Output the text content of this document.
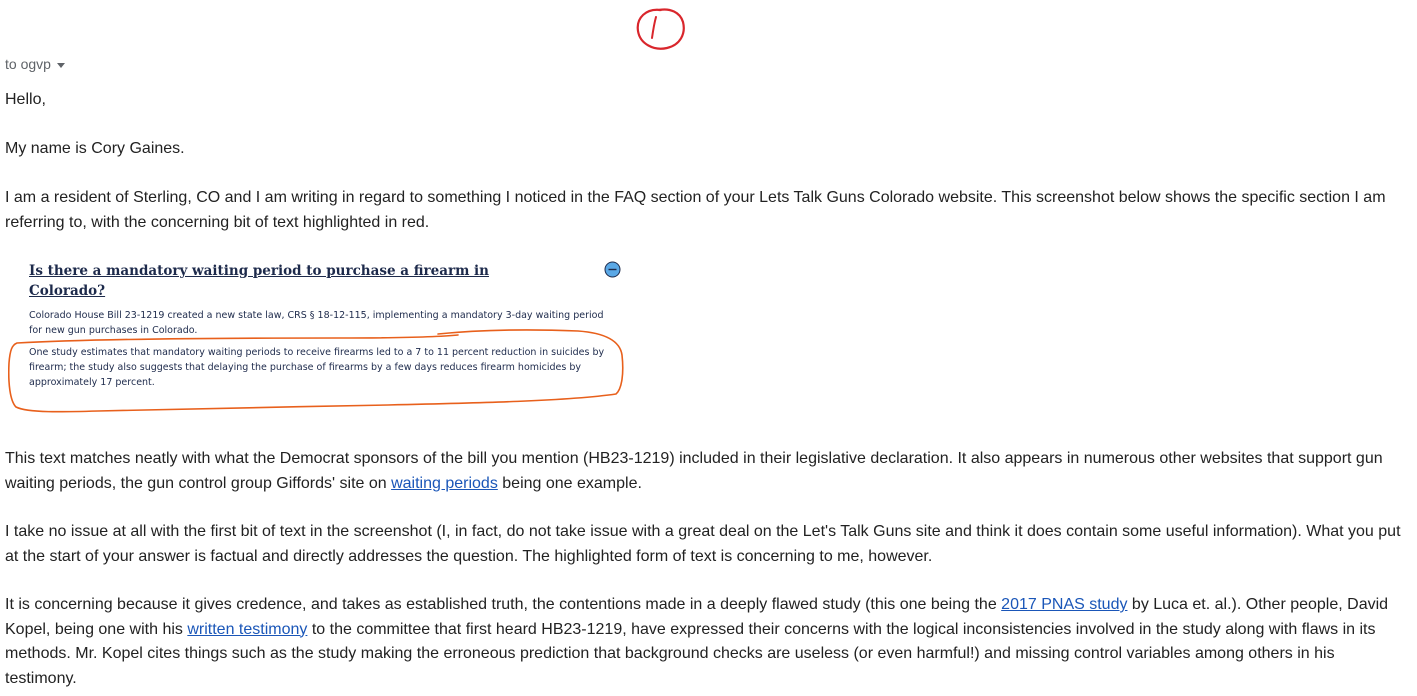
to ogvp

Hello,

My name is Cory Gaines.

I am a resident of Sterling, CO and I am writing in regard to something I noticed in the FAQ section of your Lets Talk Guns Colorado website. This screenshot below shows the specific section I am referring to, with the concerning bit of text highlighted in red.

Is there a mandatory waiting period to purchase a firearm in Colorado?

Colorado House Bill 23-1219 created a new state law, CRS § 18-12-115, implementing a mandatory 3-day waiting period for new gun purchases in Colorado.

One study estimates that mandatory waiting periods to receive firearms led to a 7 to 11 percent reduction in suicides by firearm; the study also suggests that delaying the purchase of firearms by a few days reduces firearm homicides by approximately 17 percent.

This text matches neatly with what the Democrat sponsors of the bill you mention (HB23-1219) included in their legislative declaration. It also appears in numerous other websites that support gun waiting periods, the gun control group Giffords' site on waiting periods being one example.

I take no issue at all with the first bit of text in the screenshot (I, in fact, do not take issue with a great deal on the Let's Talk Guns site and think it does contain some useful information). What you put at the start of your answer is factual and directly addresses the question. The highlighted form of text is concerning to me, however.

It is concerning because it gives credence, and takes as established truth, the contentions made in a deeply flawed study (this one being the 2017 PNAS study by Luca et. al.). Other people, David Kopel, being one with his written testimony to the committee that first heard HB23-1219, have expressed their concerns with the logical inconsistencies involved in the study along with flaws in its methods. Mr. Kopel cites things such as the study making the erroneous prediction that background checks are useless (or even harmful!) and missing control variables among others in his testimony.
